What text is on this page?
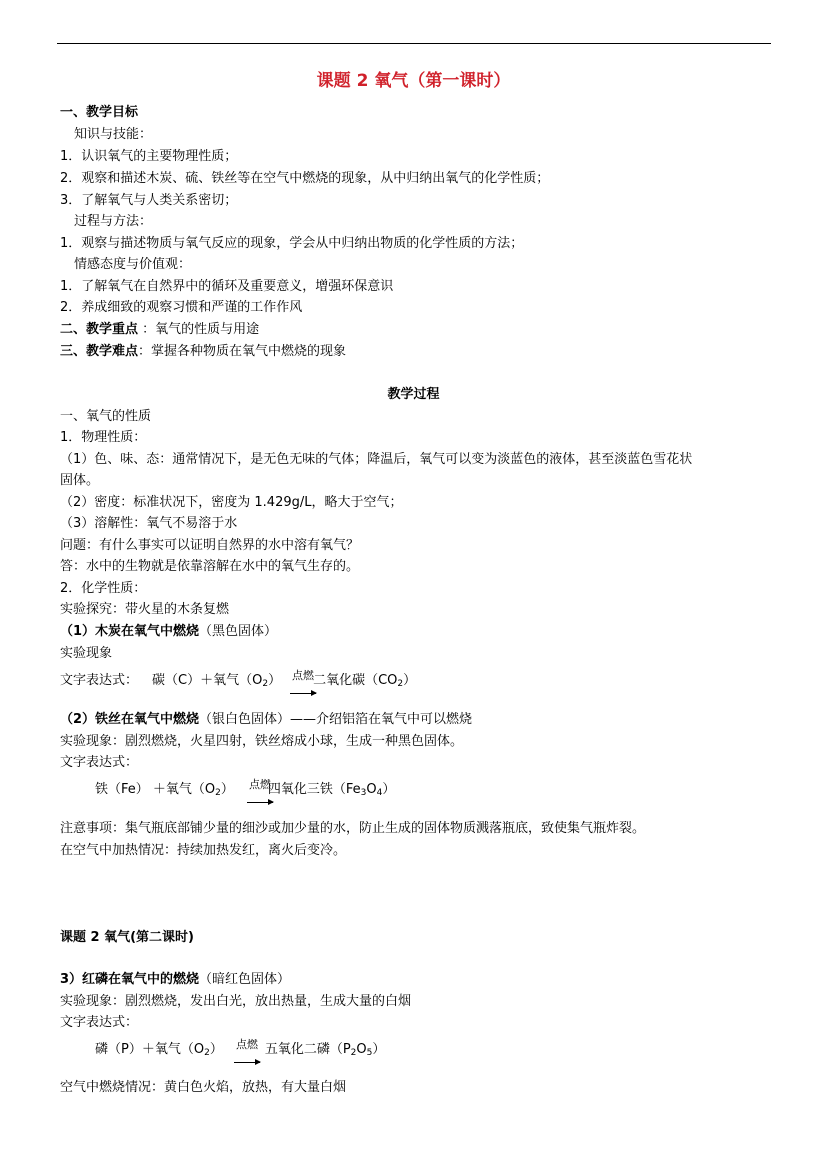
课题 2 氧气（第一课时）
一、教学目标
知识与技能：
1．认识氧气的主要物理性质；
2．观察和描述木炭、硫、铁丝等在空气中燃烧的现象，从中归纳出氧气的化学性质；
3．了解氧气与人类关系密切；
过程与方法：
1．观察与描述物质与氧气反应的现象，学会从中归纳出物质的化学性质的方法；
情感态度与价值观：
1．了解氧气在自然界中的循环及重要意义，增强环保意识
2．养成细致的观察习惯和严谨的工作作风
二、教学重点 ：氧气的性质与用途
三、教学难点：掌握各种物质在氧气中燃烧的现象
教学过程
一、氧气的性质
1．物理性质：
（1）色、味、态：通常情况下，是无色无味的气体；降温后，氧气可以变为淡蓝色的液体，甚至淡蓝色雪花状
固体。
（2）密度：标准状况下，密度为 1.429g/L，略大于空气；
（3）溶解性：氧气不易溶于水
问题：有什么事实可以证明自然界的水中溶有氧气？
答：水中的生物就是依靠溶解在水中的氧气生存的。
2．化学性质：
实验探究：带火星的木条复燃
（1）木炭在氧气中燃烧（黑色固体）
实验现象
文字表达式： 碳（C）＋氧气$(O_2)$ 二氧化碳$(CO_2)$
点燃
（2）铁丝在氧气中燃烧（银白色固体）——介绍铝箔在氧气中可以燃烧
实验现象：剧烈燃烧，火星四射，铁丝熔成小球，生成一种黑色固体。
文字表达式：
铁（Fe） ＋氧气$(O_2)$	四氧化三铁$(Fe_3O_4)$
点燃
注意事项：集气瓶底部铺少量的细沙或加少量的水，防止生成的固体物质溅落瓶底，致使集气瓶炸裂。
在空气中加热情况：持续加热发红，离火后变冷。
课题 2 氧气(第二课时)
3）红磷在氧气中的燃烧（暗红色固体）
实验现象：剧烈燃烧，发出白光，放出热量，生成大量的白烟
文字表达式：
磷（P）＋氧气$(O_2)$	五氧化二磷$(P_2O_5)$
点燃
空气中燃烧情况：黄白色火焰，放热，有大量白烟
